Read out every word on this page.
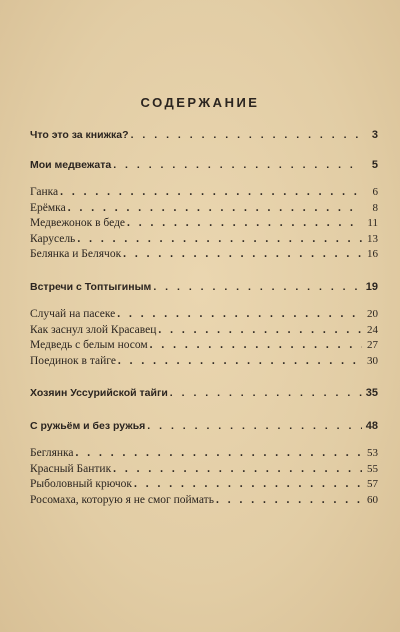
СОДЕРЖАНИЕ
Что это за книжка? . . .	3
Мои медвежата . . .	5
Ганка . . .	6
Ерёмка . . .	8
Медвежонок в беде . . .	11
Карусель . . .	13
Белянка и Белячок . . .	16
Встречи с Топтыгиным . . .	19
Случай на пасеке . . .	20
Как заснул злой Красавец . . .	24
Медведь с белым носом . . .	27
Поединок в тайге . . .	30
Хозяин Уссурийской тайги . . .	35
С ружьём и без ружья . . .	48
Беглянка . . .	53
Красный Бантик . . .	55
Рыболовный крючок . . .	57
Росомаха, которую я не смог поймать . . .	60
